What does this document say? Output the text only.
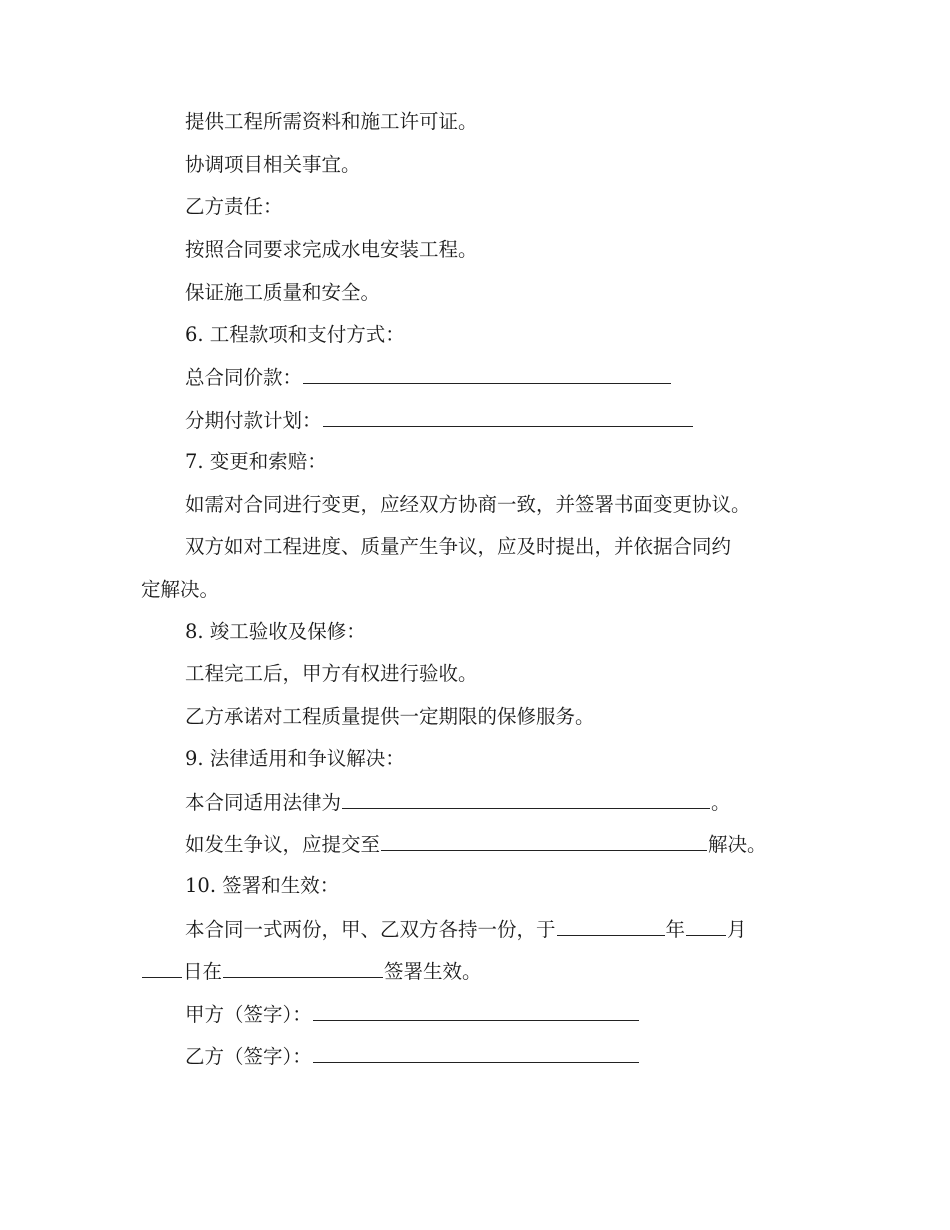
提供工程所需资料和施工许可证。
协调项目相关事宜。
乙方责任：
按照合同要求完成水电安装工程。
保证施工质量和安全。
6. 工程款项和支付方式：
总合同价款：
分期付款计划：
7. 变更和索赔：
如需对合同进行变更，应经双方协商一致，并签署书面变更协议。
双方如对工程进度、质量产生争议，应及时提出，并依据合同约
定解决。
8. 竣工验收及保修：
工程完工后，甲方有权进行验收。
乙方承诺对工程质量提供一定期限的保修服务。
9. 法律适用和争议解决：
本合同适用法律为	。
如发生争议，应提交至	解决。
10. 签署和生效：
本合同一式两份，甲、乙双方各持一份，于	年 月
日在	签署生效。
甲方（签字）：
乙方（签字）：
